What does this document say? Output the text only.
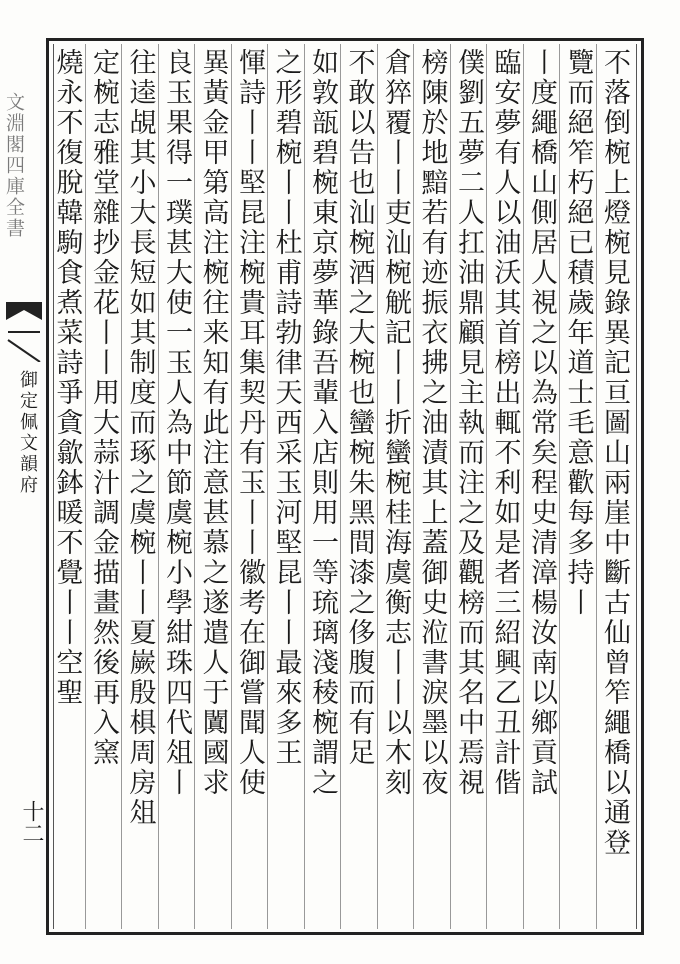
文淵閣四庫全書
御定佩文韻府
十二	不落倒椀上燈椀見錄異記亘圖山兩崖中斷古仙曾笮繩橋以通登
覽而絕笮朽絕已積歲年道士毛意歡每多持丨
丨度繩橋山側居人視之以為常矣程史清漳楊汝南以鄉貢試
臨安夢有人以油沃其首榜出輒不利如是者三紹興乙丑計偕
僕劉五夢二人扛油鼎顧見主執而注之及觀榜而其名中焉視
榜陳於地黯若有迹振衣拂之油漬其上蓋御史涖書淚墨以夜
倉猝覆丨丨吏汕椀觥記丨丨折蠻椀桂海虞衡志丨丨以木刻
不敢以告也汕椀酒之大椀也蠻椀朱黑間漆之侈腹而有足
如敦瓿碧椀東京夢華錄吾輩入店則用一等琉璃淺稜椀謂之
之形碧椀丨丨杜甫詩勃律天西采玉河堅昆丨丨最來多王
惲詩丨丨堅昆注椀貴耳集契丹有玉丨丨徽考在御嘗聞人使
異黃金甲第高注椀往来知有此注意甚慕之遂遣人于闐國求
良玉果得一璞甚大使一玉人為中節虞椀小學紺珠四代俎丨
往逵覘其小大長短如其制度而琢之虞椀丨丨夏嶡殷椇周房俎
定椀志雅堂雜抄金花丨丨用大蒜汁調金描畫然後再入窯
燒永不復脫韓駒食煮菜詩爭貪歙鉢暖不覺丨丨空聖
